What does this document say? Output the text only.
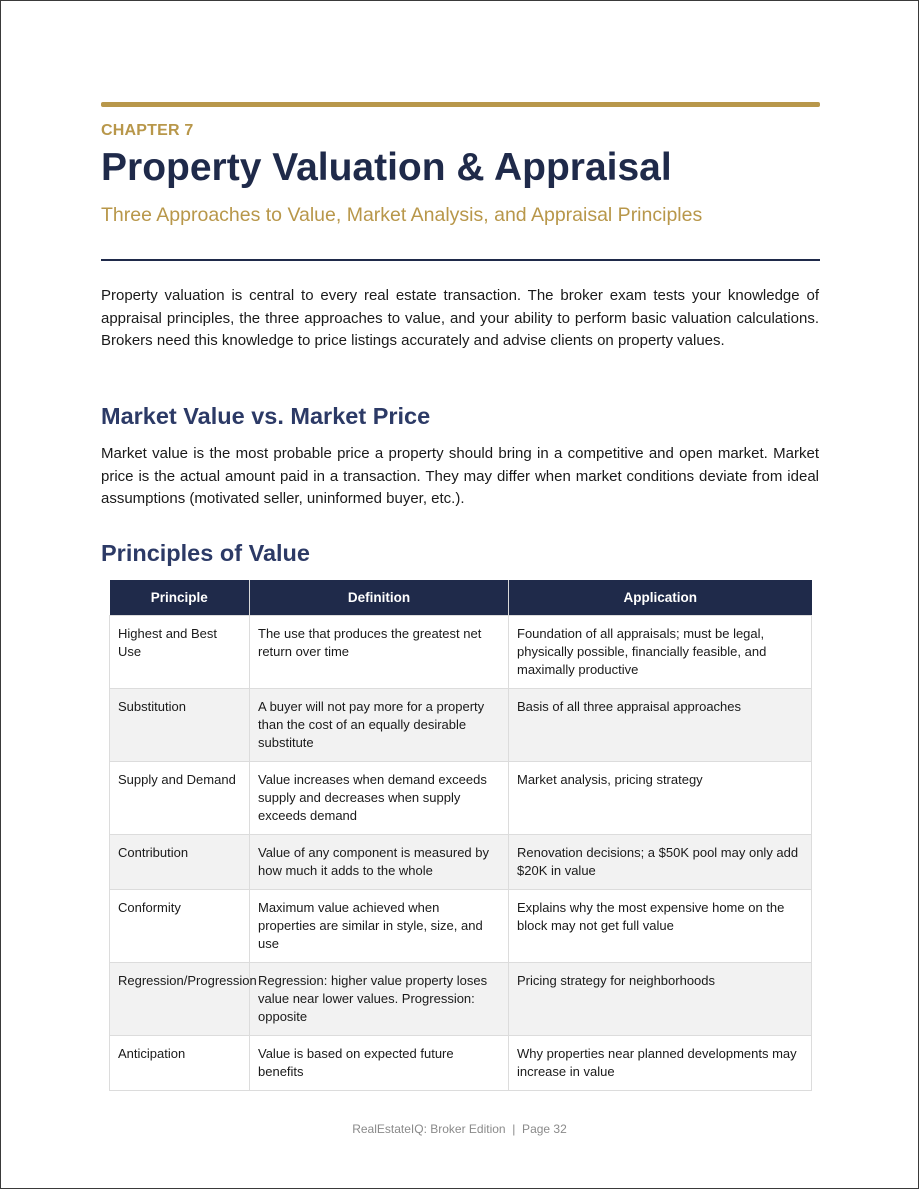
CHAPTER 7
Property Valuation & Appraisal
Three Approaches to Value, Market Analysis, and Appraisal Principles

Property valuation is central to every real estate transaction. The broker exam tests your knowledge of appraisal principles, the three approaches to value, and your ability to perform basic valuation calculations. Brokers need this knowledge to price listings accurately and advise clients on property values.

Market Value vs. Market Price

Market value is the most probable price a property should bring in a competitive and open market. Market price is the actual amount paid in a transaction. They may differ when market conditions deviate from ideal assumptions (motivated seller, uninformed buyer, etc.).

Principles of Value
Principle	Definition	Application
Highest and Best Use	The use that produces the greatest net return over time	Foundation of all appraisals; must be legal, physically possible, financially feasible, and maximally productive
Substitution	A buyer will not pay more for a property than the cost of an equally desirable substitute	Basis of all three appraisal approaches
Supply and Demand	Value increases when demand exceeds supply and decreases when supply exceeds demand	Market analysis, pricing strategy
Contribution	Value of any component is measured by how much it adds to the whole	Renovation decisions; a $50K pool may only add $20K in value
Conformity	Maximum value achieved when properties are similar in style, size, and use	Explains why the most expensive home on the block may not get full value
Regression/Progression	Regression: higher value property loses value near lower values. Progression: opposite	Pricing strategy for neighborhoods
Anticipation	Value is based on expected future benefits	Why properties near planned developments may increase in value
RealEstateIQ: Broker Edition  |  Page 32
